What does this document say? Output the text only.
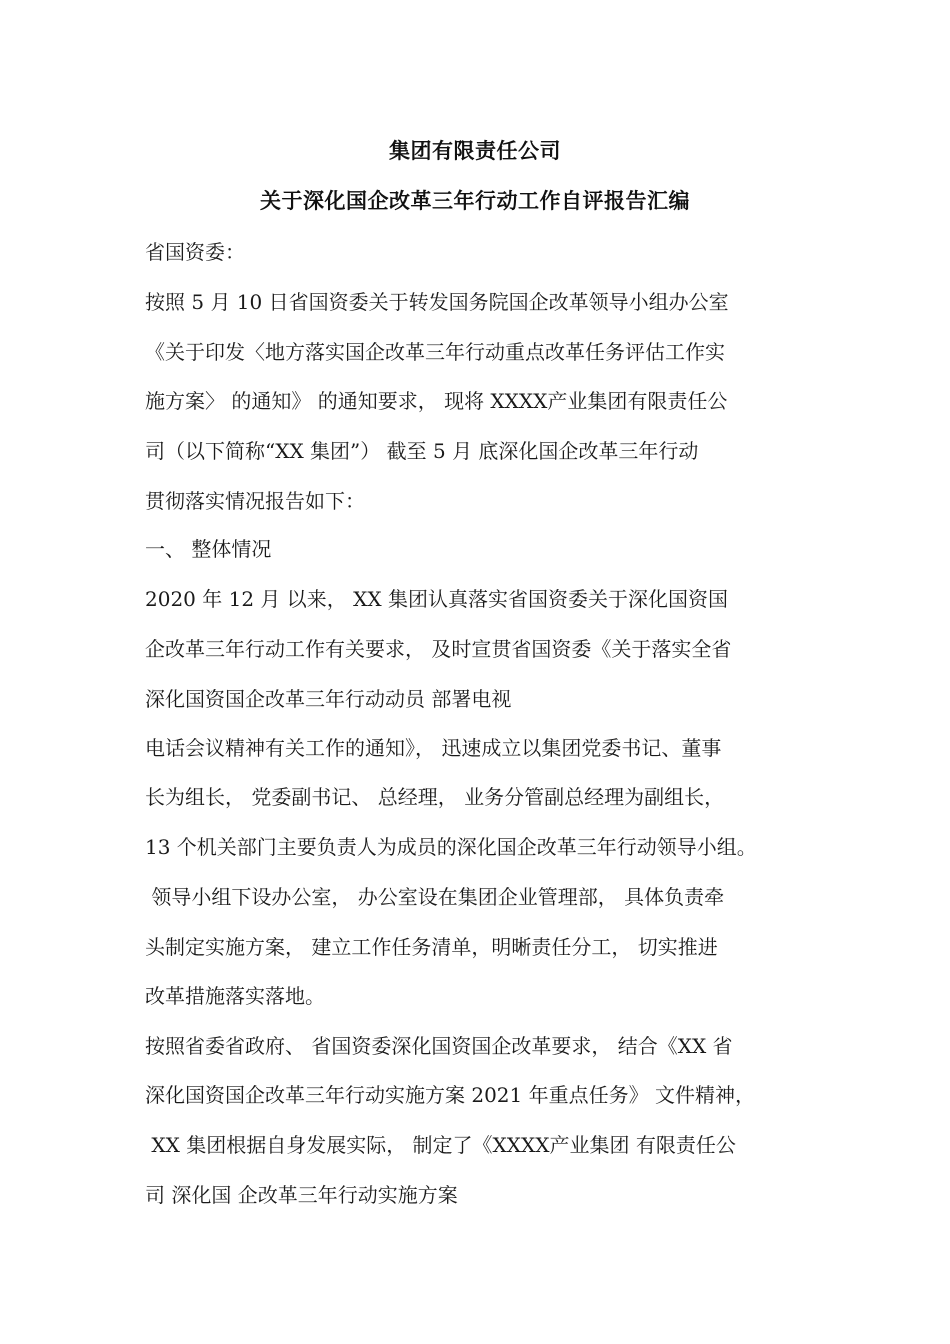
集团有限责任公司
关于深化国企改革三年行动工作自评报告汇编
省国资委：
按照 5 月 10 日省国资委关于转发国务院国企改革领导小组办公室
《关于印发〈地方落实国企改革三年行动重点改革任务评估工作实
施方案〉 的通知》 的通知要求， 现将 XXXX产业集团有限责任公
司（以下简称“XX 集团”） 截至 5 月 底深化国企改革三年行动
贯彻落实情况报告如下：
一、 整体情况
2020 年 12 月 以来， XX 集团认真落实省国资委关于深化国资国
企改革三年行动工作有关要求， 及时宣贯省国资委《关于落实全省
深化国资国企改革三年行动动员 部署电视
电话会议精神有关工作的通知》， 迅速成立以集团党委书记、董事
长为组长， 党委副书记、 总经理， 业务分管副总经理为副组长，
13 个机关部门主要负责人为成员的深化国企改革三年行动领导小组。
领导小组下设办公室， 办公室设在集团企业管理部， 具体负责牵
头制定实施方案， 建立工作任务清单，明晰责任分工， 切实推进
改革措施落实落地。
按照省委省政府、 省国资委深化国资国企改革要求， 结合《XX 省
深化国资国企改革三年行动实施方案 2021 年重点任务》 文件精神，
XX 集团根据自身发展实际， 制定了《XXXX产业集团 有限责任公
司 深化国 企改革三年行动实施方案
